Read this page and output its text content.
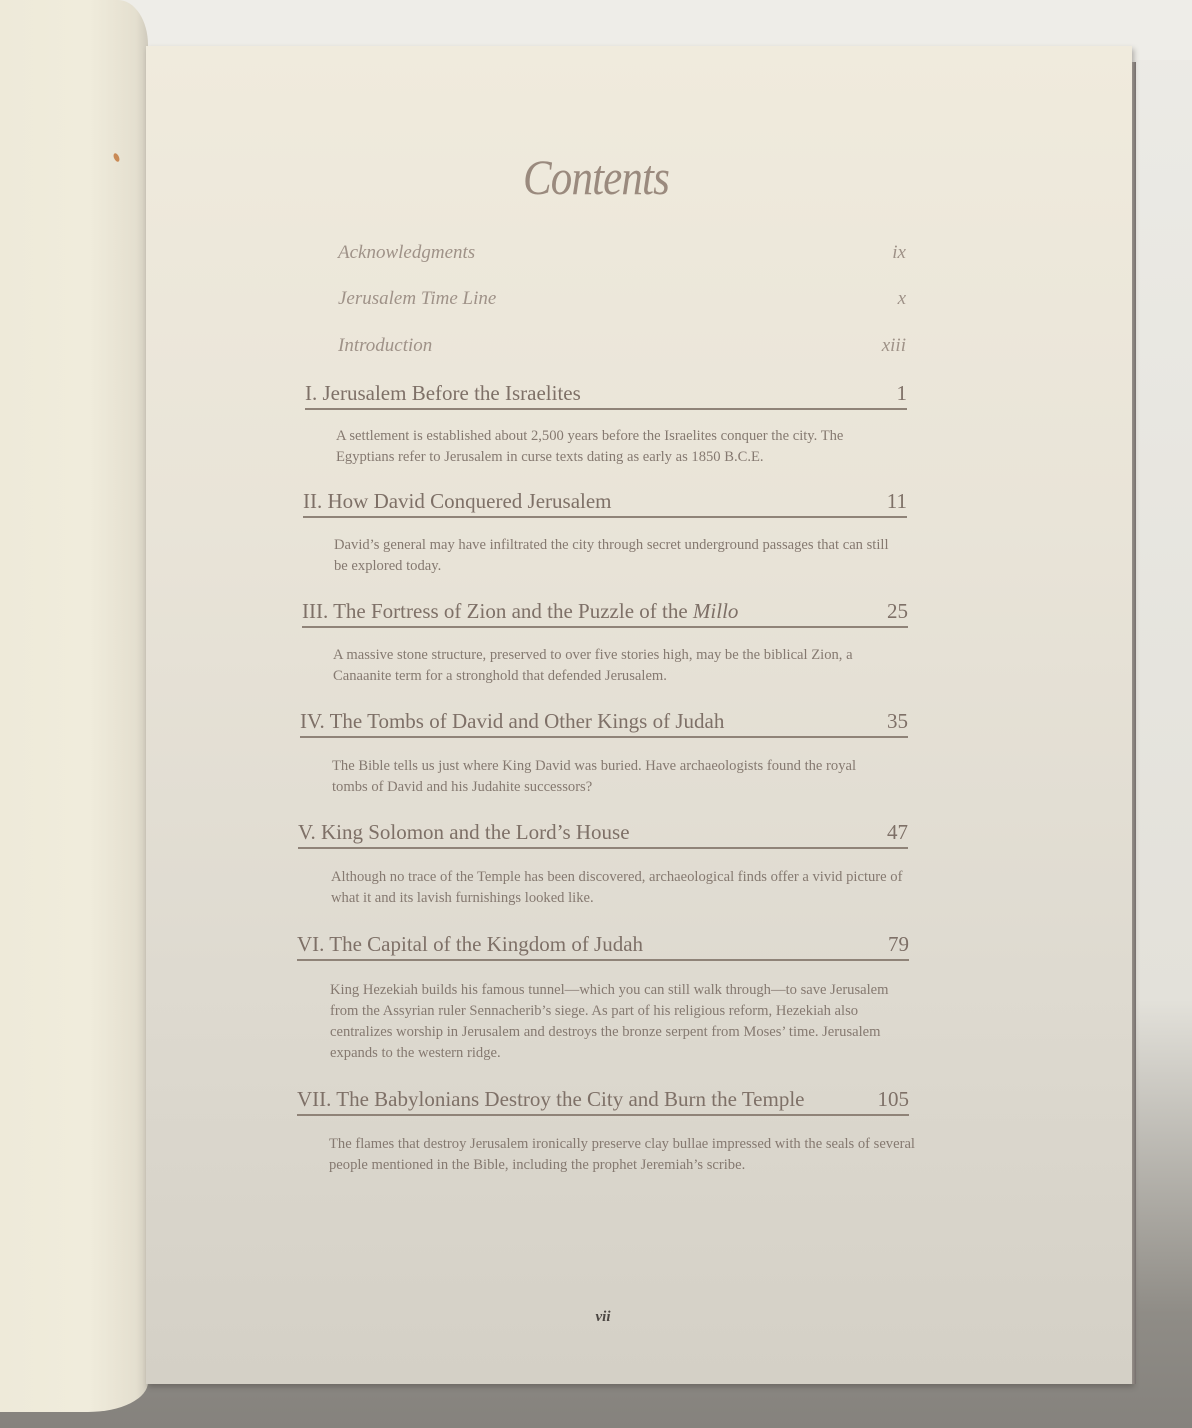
Contents
Acknowledgments	ix
Jerusalem Time Line	x
Introduction	xiii
I. Jerusalem Before the Israelites	1
A settlement is established about 2,500 years before the Israelites conquer the city. The Egyptians refer to Jerusalem in curse texts dating as early as 1850 B.C.E.
II. How David Conquered Jerusalem	11
David’s general may have infiltrated the city through secret underground passages that can still be explored today.
III. The Fortress of Zion and the Puzzle of the Millo	25
A massive stone structure, preserved to over five stories high, may be the biblical Zion, a Canaanite term for a stronghold that defended Jerusalem.
IV. The Tombs of David and Other Kings of Judah	35
The Bible tells us just where King David was buried. Have archaeologists found the royal tombs of David and his Judahite successors?
V. King Solomon and the Lord’s House	47
Although no trace of the Temple has been discovered, archaeological finds offer a vivid picture of what it and its lavish furnishings looked like.
VI. The Capital of the Kingdom of Judah	79
King Hezekiah builds his famous tunnel—which you can still walk through—to save Jerusalem from the Assyrian ruler Sennacherib’s siege. As part of his religious reform, Hezekiah also centralizes worship in Jerusalem and destroys the bronze serpent from Moses’ time. Jerusalem expands to the western ridge.
VII. The Babylonians Destroy the City and Burn the Temple	105
The flames that destroy Jerusalem ironically preserve clay bullae impressed with the seals of several people mentioned in the Bible, including the prophet Jeremiah’s scribe.
vii
